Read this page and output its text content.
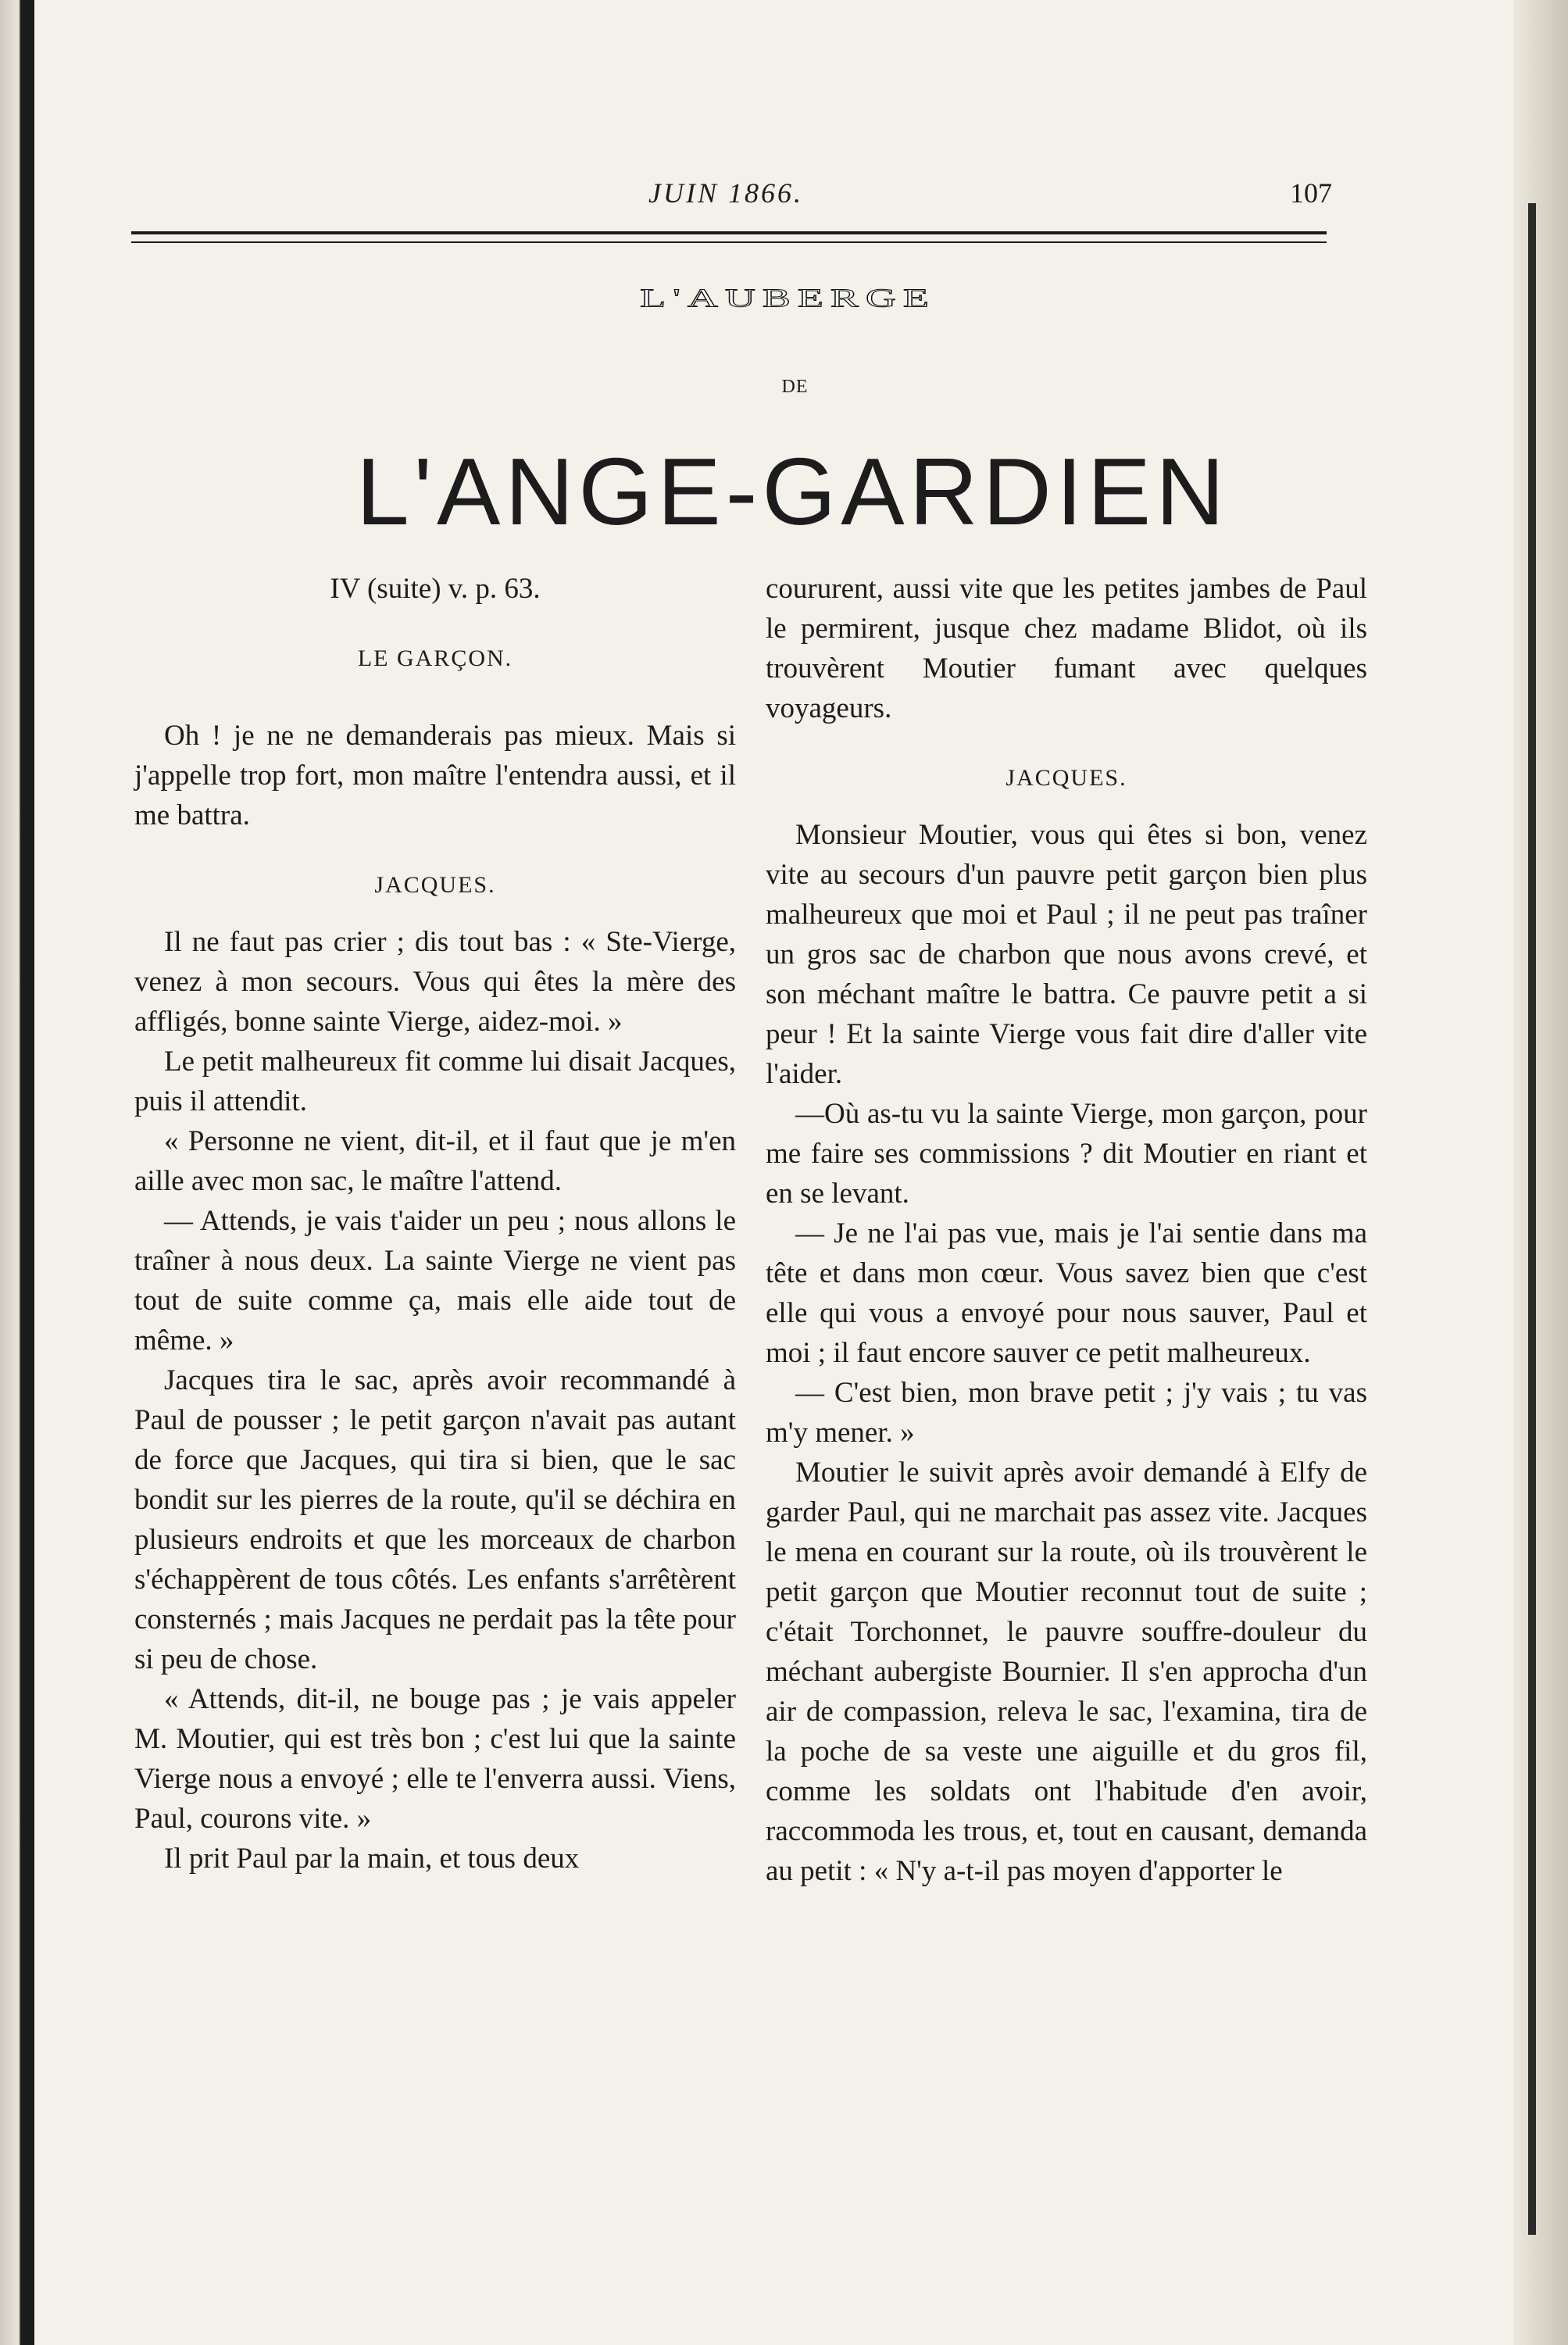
JUIN 1866.	107
L'AUBERGE
DE
L'ANGE-GARDIEN

IV (suite) v. p. 63.

LE GARÇON.

Oh ! je ne ne demanderais pas mieux. Mais si j'appelle trop fort, mon maître l'entendra aussi, et il me battra.

JACQUES.

Il ne faut pas crier ; dis tout bas : « Ste-Vierge, venez à mon secours. Vous qui êtes la mère des affligés, bonne sainte Vierge, aidez-moi. »

Le petit malheureux fit comme lui disait Jacques, puis il attendit.

« Personne ne vient, dit-il, et il faut que je m'en aille avec mon sac, le maître l'attend.

— Attends, je vais t'aider un peu ; nous allons le traîner à nous deux. La sainte Vierge ne vient pas tout de suite comme ça, mais elle aide tout de même. »

Jacques tira le sac, après avoir recommandé à Paul de pousser ; le petit garçon n'avait pas autant de force que Jacques, qui tira si bien, que le sac bondit sur les pierres de la route, qu'il se déchira en plusieurs endroits et que les morceaux de charbon s'échappèrent de tous côtés. Les enfants s'arrêtèrent consternés ; mais Jacques ne perdait pas la tête pour si peu de chose.

« Attends, dit-il, ne bouge pas ; je vais appeler M. Moutier, qui est très bon ; c'est lui que la sainte Vierge nous a envoyé ; elle te l'enverra aussi. Viens, Paul, courons vite. »

Il prit Paul par la main, et tous deux

coururent, aussi vite que les petites jambes de Paul le permirent, jusque chez madame Blidot, où ils trouvèrent Moutier fumant avec quelques voyageurs.

JACQUES.

Monsieur Moutier, vous qui êtes si bon, venez vite au secours d'un pauvre petit garçon bien plus malheureux que moi et Paul ; il ne peut pas traîner un gros sac de charbon que nous avons crevé, et son méchant maître le battra. Ce pauvre petit a si peur ! Et la sainte Vierge vous fait dire d'aller vite l'aider.

—Où as-tu vu la sainte Vierge, mon garçon, pour me faire ses commissions ? dit Moutier en riant et en se levant.

— Je ne l'ai pas vue, mais je l'ai sentie dans ma tête et dans mon cœur. Vous savez bien que c'est elle qui vous a envoyé pour nous sauver, Paul et moi ; il faut encore sauver ce petit malheureux.

— C'est bien, mon brave petit ; j'y vais ; tu vas m'y mener. »

Moutier le suivit après avoir demandé à Elfy de garder Paul, qui ne marchait pas assez vite. Jacques le mena en courant sur la route, où ils trouvèrent le petit garçon que Moutier reconnut tout de suite ; c'était Torchonnet, le pauvre souffre-douleur du méchant aubergiste Bournier. Il s'en approcha d'un air de compassion, releva le sac, l'examina, tira de la poche de sa veste une aiguille et du gros fil, comme les soldats ont l'habitude d'en avoir, raccommoda les trous, et, tout en causant, demanda au petit : « N'y a-t-il pas moyen d'apporter le
